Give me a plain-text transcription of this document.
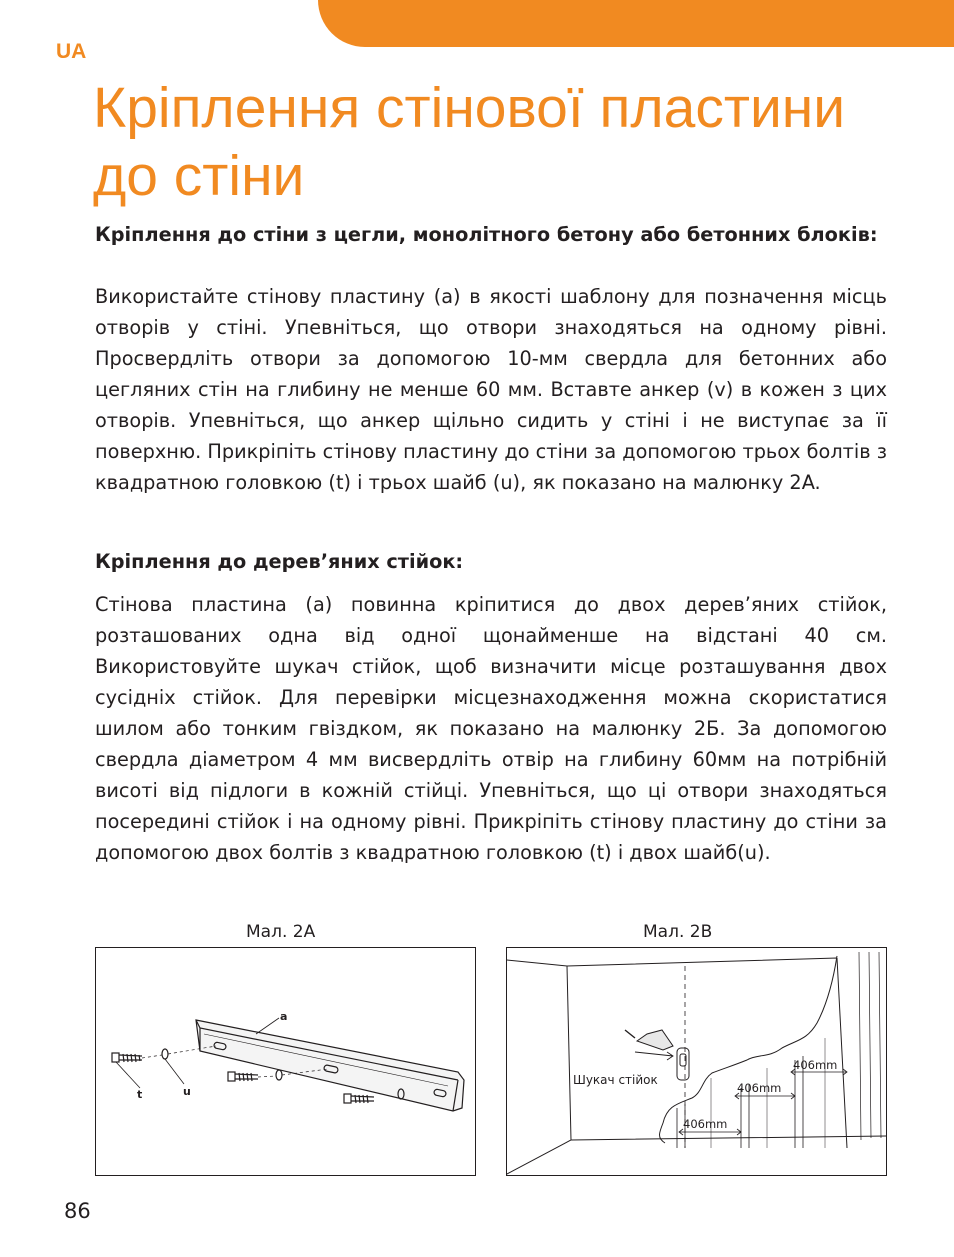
UA
Кріплення стінової пластини до стіни

Кріплення до стіни з цегли, монолітного бетону або бетонних блоків:

Використайте стінову пластину (a) в якості шаблону для позначення місць отворів у стіні. Упевніться, що отвори знаходяться на одному рівні. Просвердліть отвори за допомогою 10-мм свердла для бетонних або цегляних стін на глибину не менше 60 мм. Вставте анкер (v) в кожен з цих отворів. Упевніться, що анкер щільно сидить у стіні і не виступає за її поверхню. Прикріпіть стінову пластину до стіни за допомогою трьох болтів з квадратною головкою (t) і трьох шайб (u), як показано на малюнку 2A.

Кріплення до дерев’яних стійок:

Стінова пластина (a) повинна кріпитися до двох дерев’яних стійок, розташованих одна від одної щонайменше на відстані 40 см. Використовуйте шукач стійок, щоб визначити місце розташування двох сусідніх стійок. Для перевірки місцезнаходження можна скористатися шилом або тонким гвіздком, як показано на малюнку 2Б. За допомогою свердла діаметром 4 мм висвердліть отвір на глибину 60мм на потрібній висоті від підлоги в кожній стійці. Упевніться, що ці отвори знаходяться посередині стійок і на одному рівні. Прикріпіть стінову пластину до стіни за допомогою двох болтів з квадратною головкою (t) і двох шайб(u).

Мал. 2A	Мал. 2B
a
t	u
Шукач стійок
406mm
406mm
406mm
86
